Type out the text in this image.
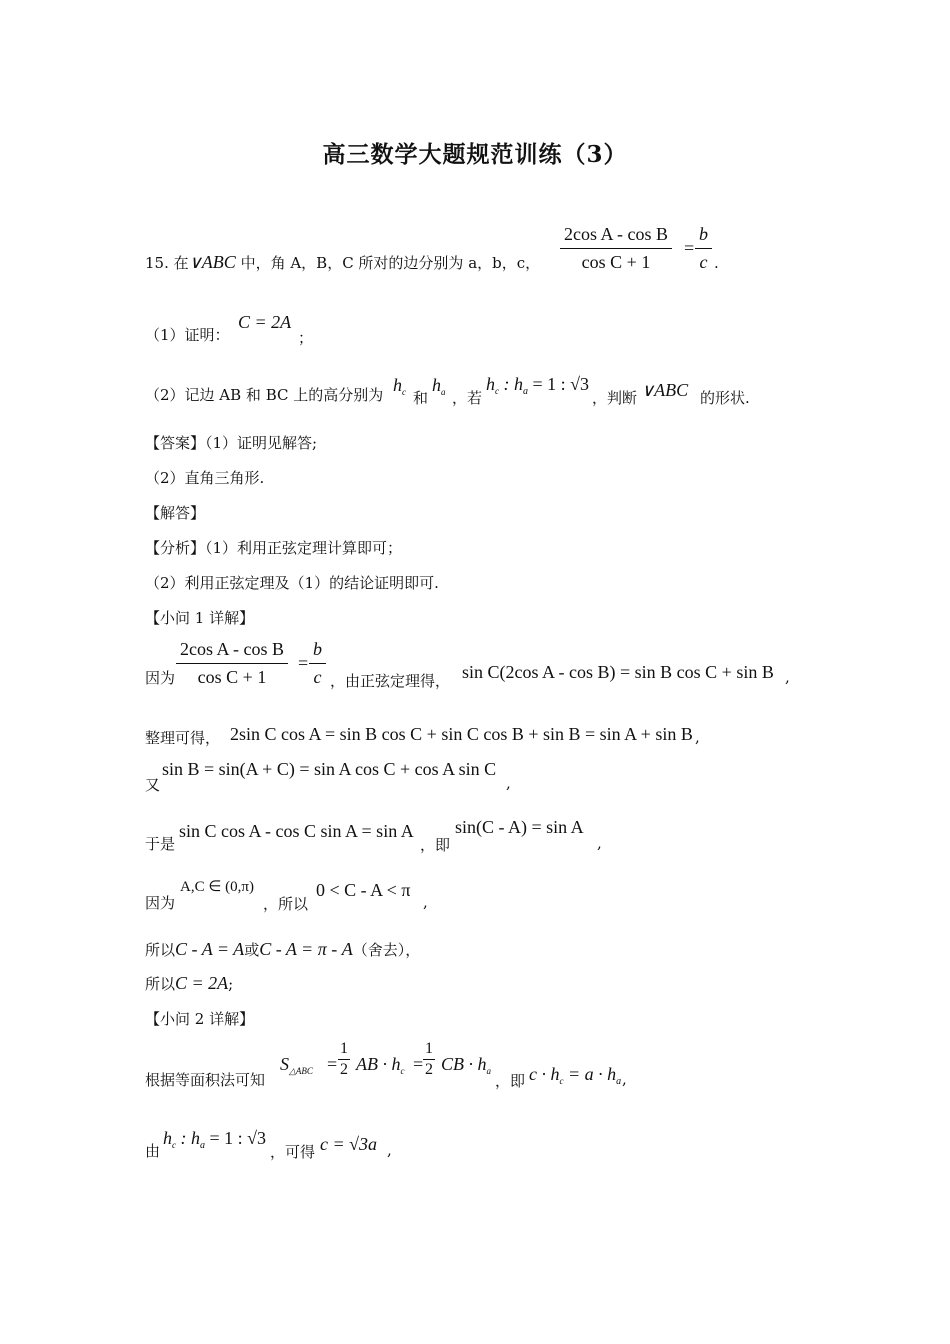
高三数学大题规范训练（3）
15. 在∨ABC 中，角 A，B，C 所对的边分别为 a，b，c， $\frac{\text{2cos A - cos B}}{\text{cos C + 1}} = \frac{b}{c}$ .
（1）证明：
C = 2A
；
（2）记边 AB 和 BC 上的高分别为 $h_c$ 和
$h_a$ ，若
$h_c$ : $h_a = 1$ : √3
，判断 ∨ABC 的形状.
【答案】（1）证明见解答;
（2）直角三角形.
【解答】
【分析】（1）利用正弦定理计算即可；
（2）利用正弦定理及（1）的结论证明即可.
【小问 1 详解】
因为 $\frac{\text{2cos A - cos B}}{\text{cos C + 1}} = \frac{b}{c}$ ，由正弦定理得， sin C(2cos A - cos B) = sin B cos C + sin B ,
整理可得， 2sin C cos A = sin B cos C + sin C cos B + sin B = sin A + sin B ,
又
sin B = sin(A + C) = sin A cos C + cos A sin C
,
于是
sin C cos A - cos C sin A = sin A
，即
sin(C - A) = sin A
,
因为
A,C ∈ (0,π)
，所以
0 < C - A < π
,
所以C - A = A或C - A = π - A（舍去），
所以C = 2A;
【小问 2 详解】
根据等面积法可知
$S_{\triangle ABC} = \frac{1}{2}$ AB · $h_c = \frac{1}{2}$ CB · $h_a$
，即 $c \cdot h_c = a \cdot h_a$ ,
由
$h_c$ : $h_a = 1$ : √3
，可得 c = √3a ,
